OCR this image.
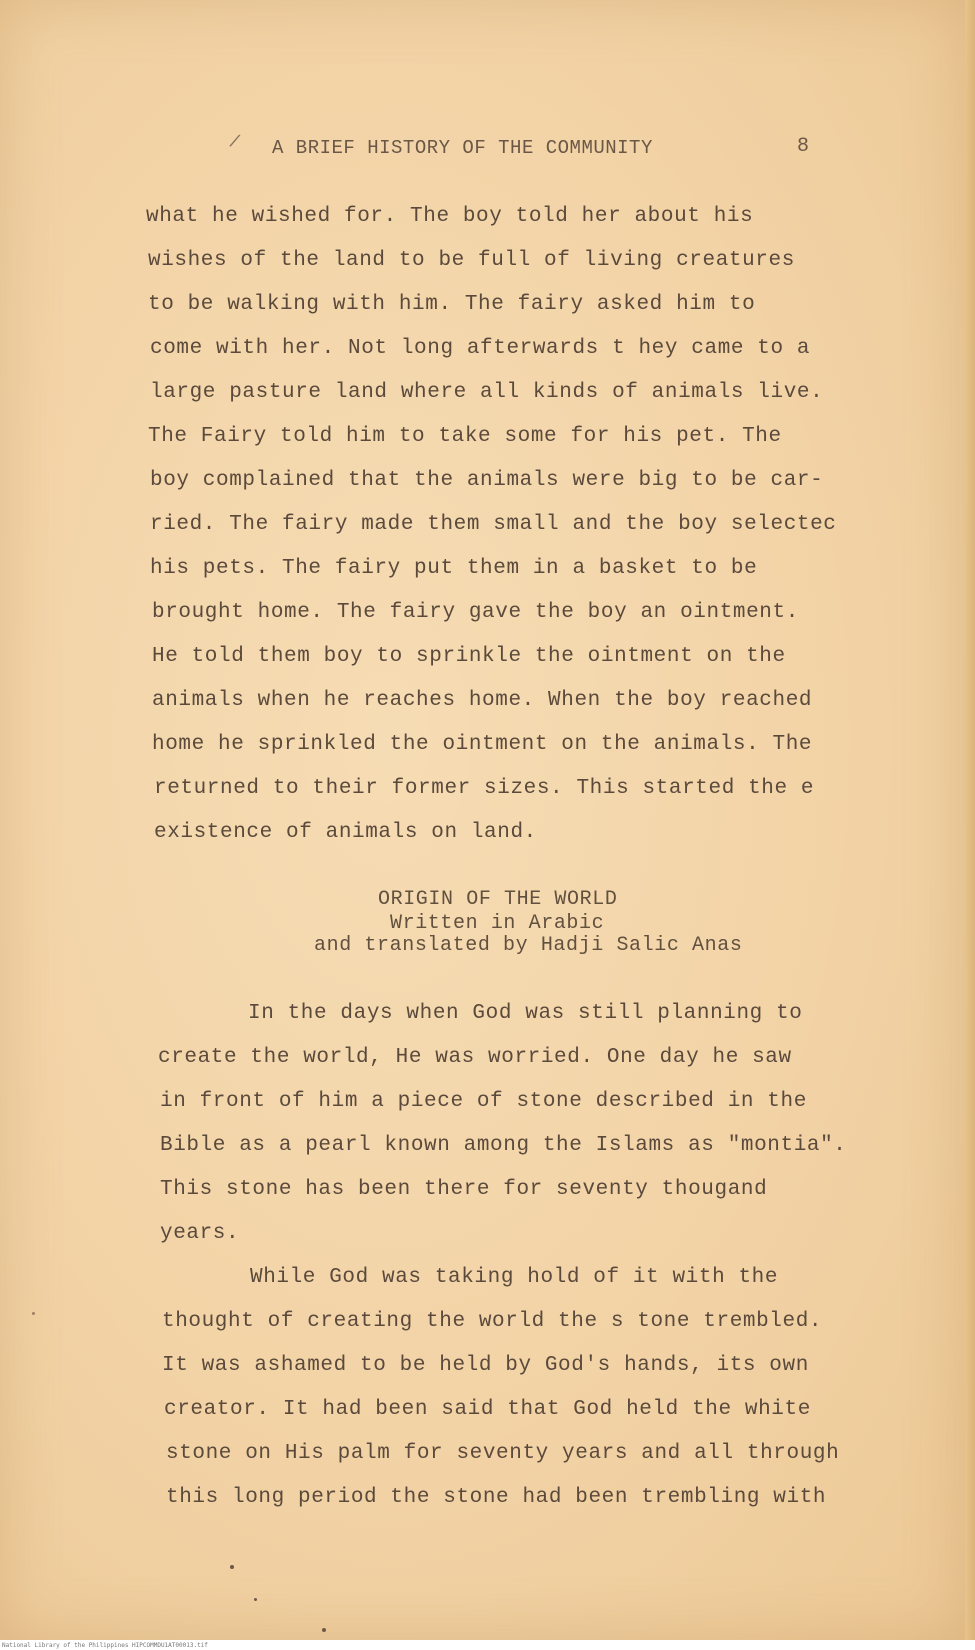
/ A BRIEF HISTORY OF THE COMMUNITY	8
what he wished for. The boy told her about his
wishes of the land to be full of living creatures
to be walking with him. The fairy asked him to
come with her. Not long afterwards t hey came to a
large pasture land where all kinds of animals live.
The Fairy told him to take some for his pet. The
boy complained that the animals were big to be car-
ried. The fairy made them small and the boy selectec
his pets. The fairy put them in a basket to be
brought home. The fairy gave the boy an ointment.
He told them boy to sprinkle the ointment on the
animals when he reaches home. When the boy reached
home he sprinkled the ointment on the animals. The
returned to their former sizes. This started the e
existence of animals on land.
ORIGIN OF THE WORLD
Written in Arabic
and translated by Hadji Salic Anas
In the days when God was still planning to
create the world, He was worried. One day he saw
in front of him a piece of stone described in the
Bible as a pearl known among the Islams as "montia".
This stone has been there for seventy thougand
years.
While God was taking hold of it with the
thought of creating the world the s tone trembled.
It was ashamed to be held by God's hands, its own
creator. It had been said that God held the white
stone on His palm for seventy years and all through
this long period the stone had been trembling with
National Library of the Philippines HIPCOMMDU1AT00013.tif
